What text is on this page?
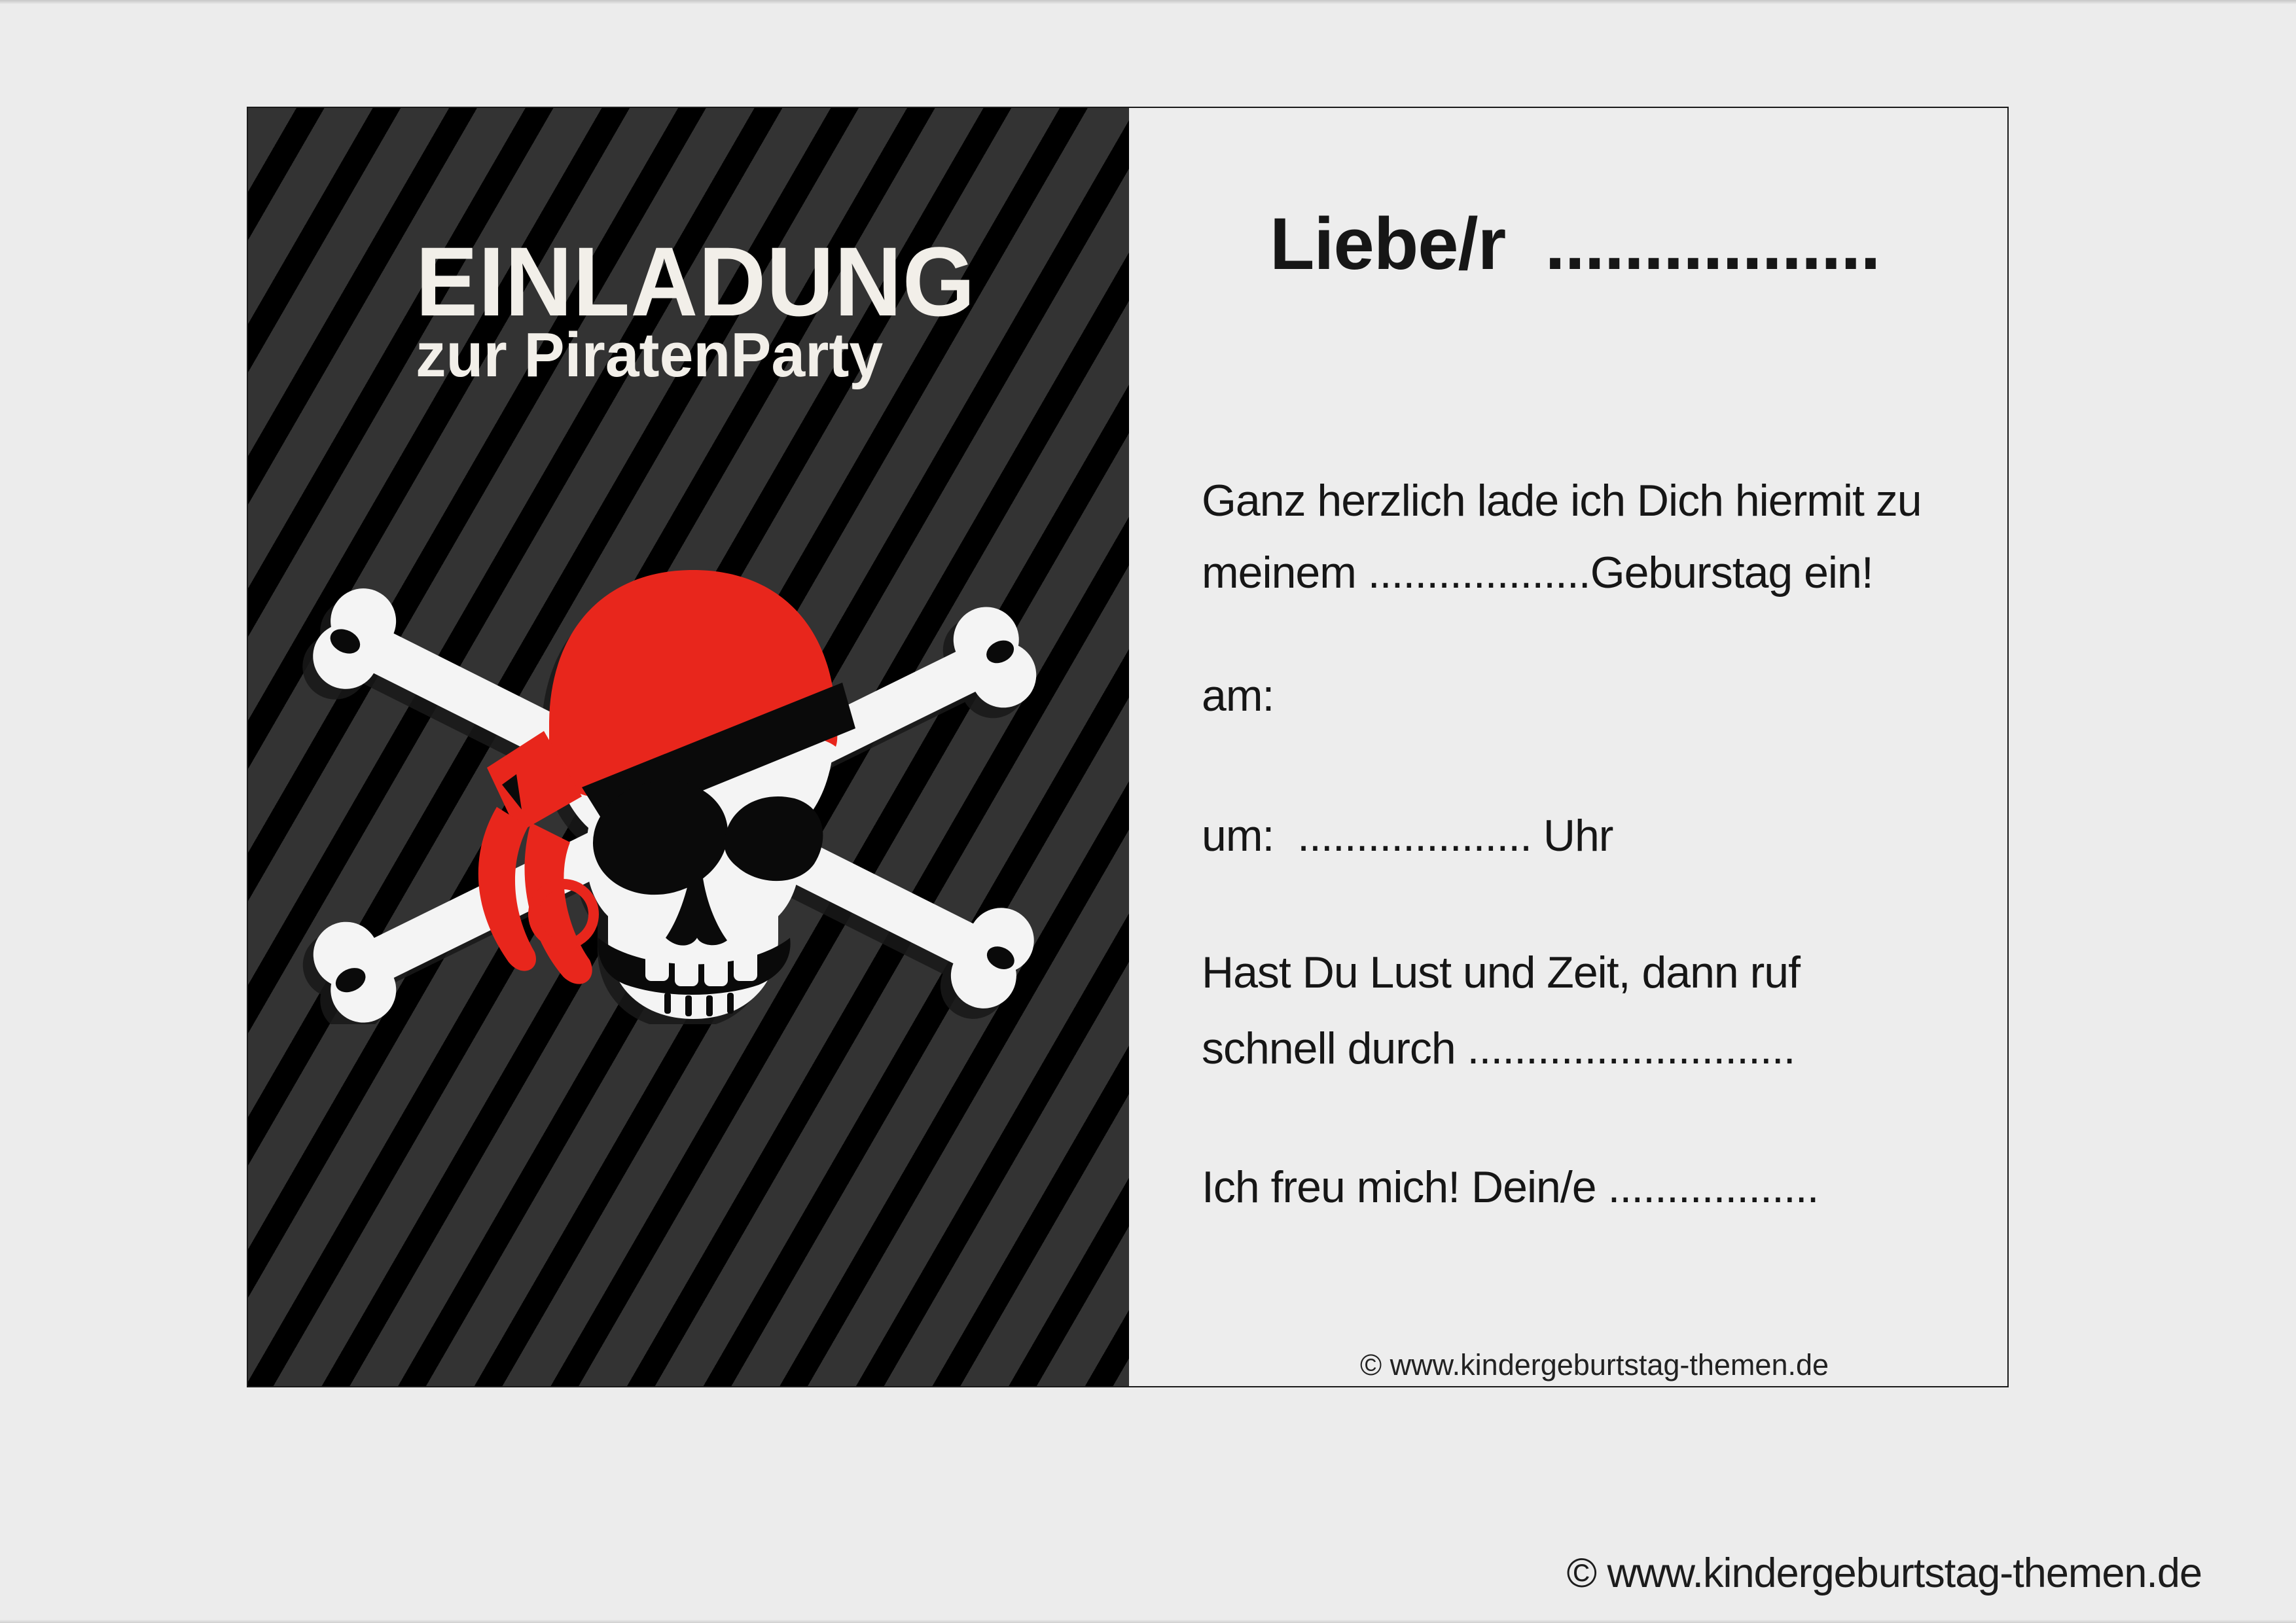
EINLADUNG
zur PiratenParty
Liebe/r  .................
Ganz herzlich lade ich Dich hiermit zu
meinem ...................Geburstag ein!
am:
um:  .................... Uhr
Hast Du Lust und Zeit, dann ruf
schnell durch ............................
Ich freu mich! Dein/e ..................
© www.kindergeburtstag-themen.de
© www.kindergeburtstag-themen.de
